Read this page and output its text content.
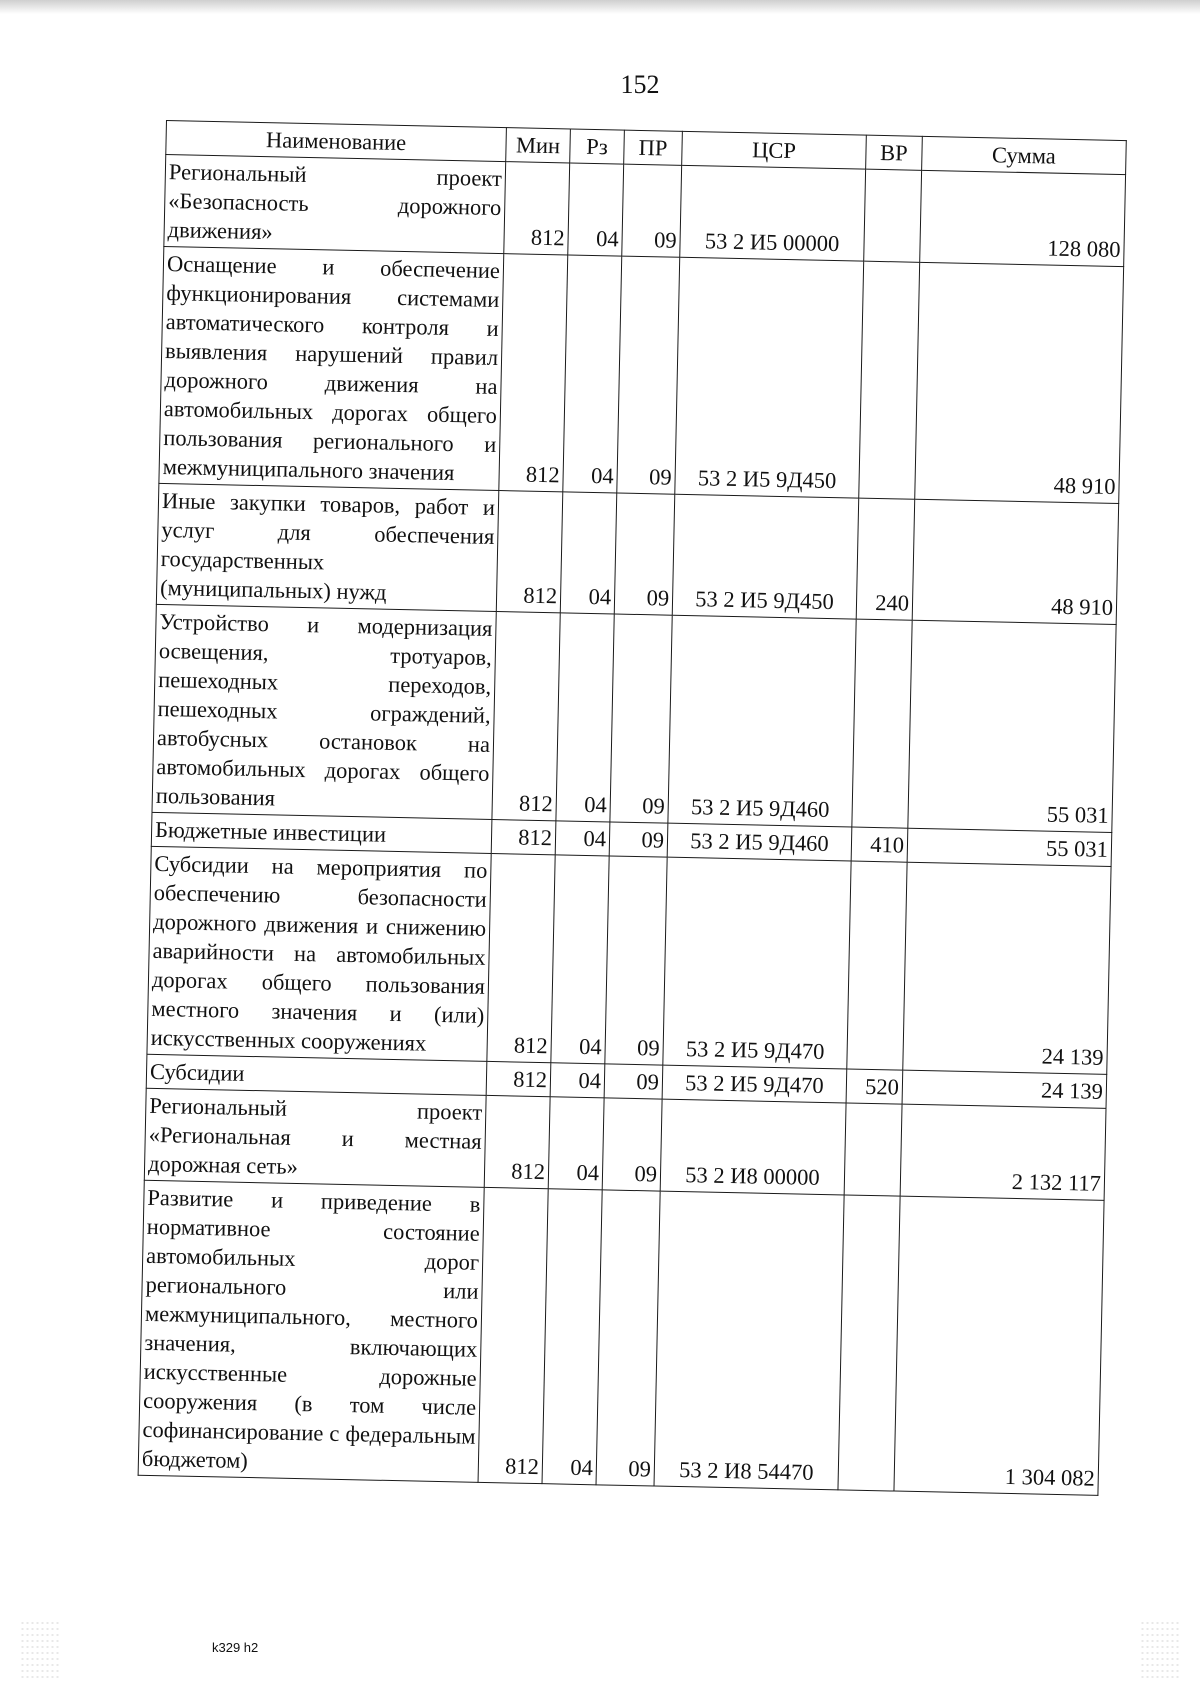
152
Наименование	Мин	Рз	ПР	ЦСР	ВР	Сумма
Региональный проект «Безопасность дорожного движения»	812	04	09	53 2 И5 00000		128 080
Оснащение и обеспечение функционирования системами автоматического контроля и выявления нарушений правил дорожного движения на автомобильных дорогах общего пользования регионального и межмуниципального значения	812	04	09	53 2 И5 9Д450		48 910
Иные закупки товаров, работ и услуг для обеспечения государственных (муниципальных) нужд	812	04	09	53 2 И5 9Д450	240	48 910
Устройство и модернизация освещения, тротуаров, пешеходных переходов, пешеходных ограждений, автобусных остановок на автомобильных дорогах общего пользования	812	04	09	53 2 И5 9Д460		55 031
Бюджетные инвестиции	812	04	09	53 2 И5 9Д460	410	55 031
Субсидии на мероприятия по обеспечению безопасности дорожного движения и снижению аварийности на автомобильных дорогах общего пользования местного значения и (или) искусственных сооружениях	812	04	09	53 2 И5 9Д470		24 139
Субсидии	812	04	09	53 2 И5 9Д470	520	24 139
Региональный проект «Региональная и местная дорожная сеть»	812	04	09	53 2 И8 00000		2 132 117
Развитие и приведение в нормативное состояние автомобильных дорог регионального или межмуниципального, местного значения, включающих искусственные дорожные сооружения (в том числе софинансирование с федеральным бюджетом)	812	04	09	53 2 И8 54470		1 304 082
k329 h2
